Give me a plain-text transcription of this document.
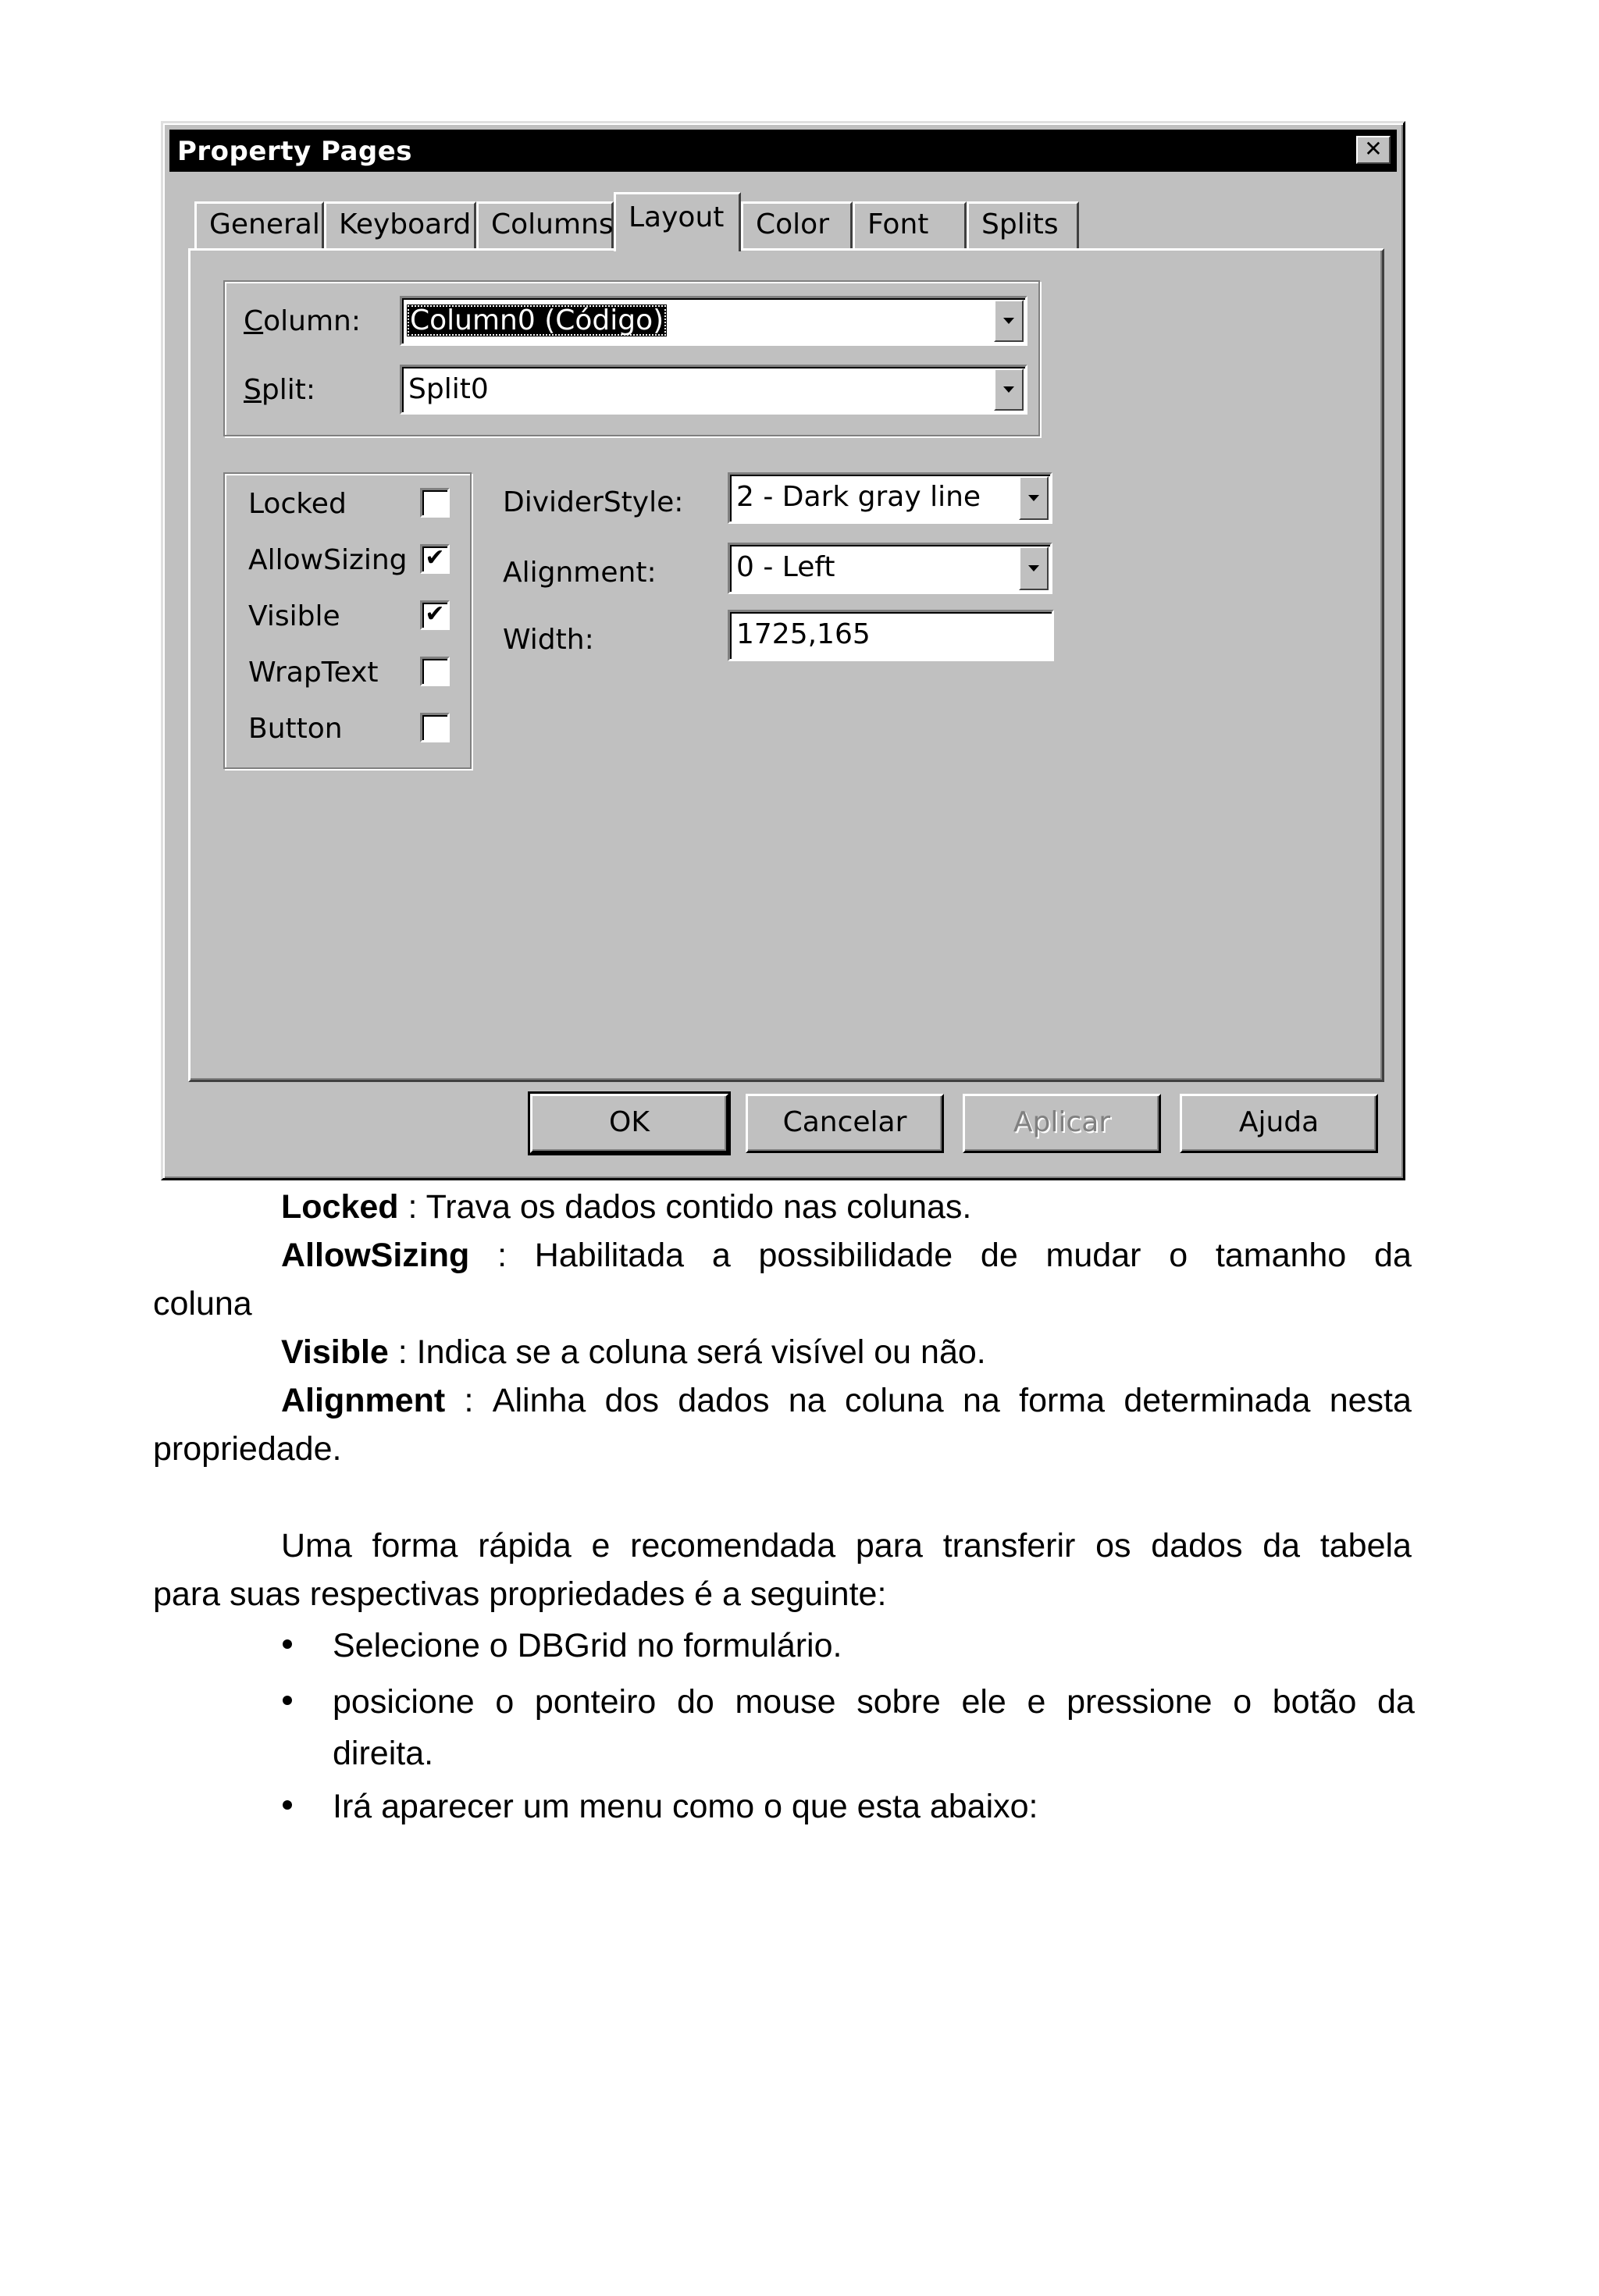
Property Pages	✕
General Keyboard Columns Layout	Color	Font	Splits
Column: Column0 (Código)
Split:	Split0
Locked
AllowSizing ✔
Visible	✔
WrapText
Button
DividerStyle: 2 - Dark gray line
Alignment:	0 - Left
Width:	1725,165
OK	Cancelar	Aplicar	Ajuda
Locked : Trava os dados contido nas colunas.
AllowSizing : Habilitada a possibilidade de mudar o tamanho da
coluna
Visible : Indica se a coluna será visível ou não.
Alignment : Alinha dos dados na coluna na forma determinada nesta
propriedade.
Uma forma rápida e recomendada para transferir os dados da tabela
para suas respectivas propriedades é a seguinte:
Selecione o DBGrid no formulário.
posicione o ponteiro do mouse sobre ele e pressione o botão da
direita.
Irá aparecer um menu como o que esta abaixo:
